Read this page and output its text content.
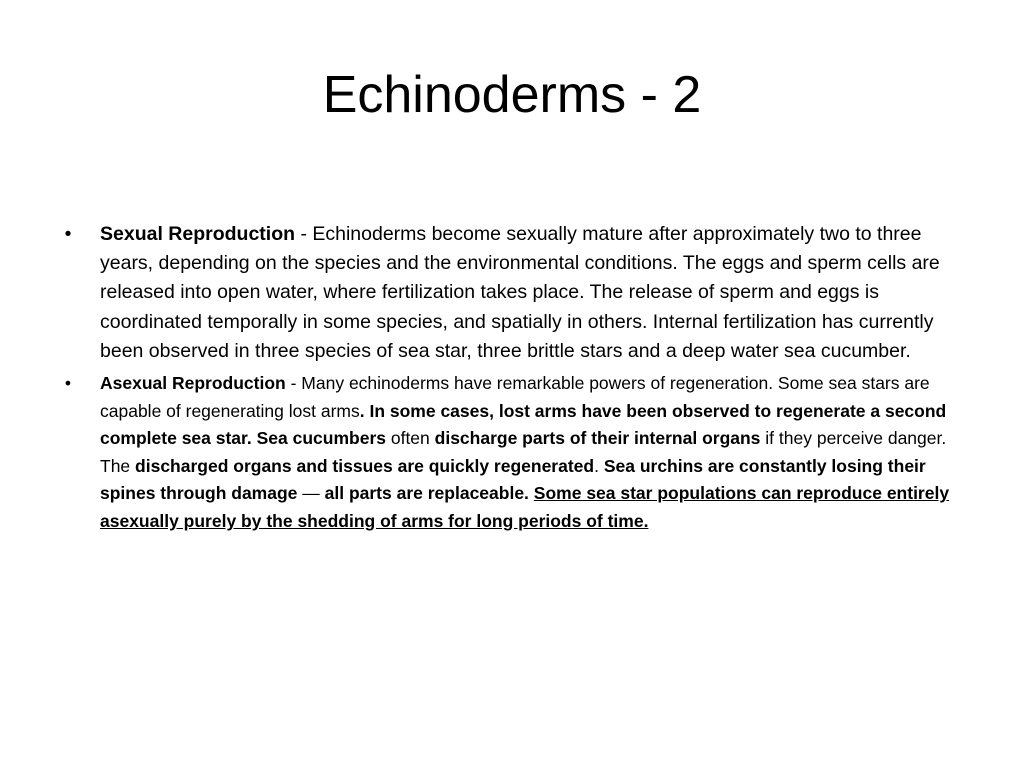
Echinoderms - 2
• Sexual Reproduction - Echinoderms become sexually mature after approximately two to three years, depending on the species and the environmental conditions. The eggs and sperm cells are released into open water, where fertilization takes place. The release of sperm and eggs is coordinated temporally in some species, and spatially in others. Internal fertilization has currently been observed in three species of sea star, three brittle stars and a deep water sea cucumber.
• Asexual Reproduction - Many echinoderms have remarkable powers of regeneration. Some sea stars are capable of regenerating lost arms. In some cases, lost arms have been observed to regenerate a second complete sea star. Sea cucumbers often discharge parts of their internal organs if they perceive danger. The discharged organs and tissues are quickly regenerated. Sea urchins are constantly losing their spines through damage — all parts are replaceable. Some sea star populations can reproduce entirely asexually purely by the shedding of arms for long periods of time.
